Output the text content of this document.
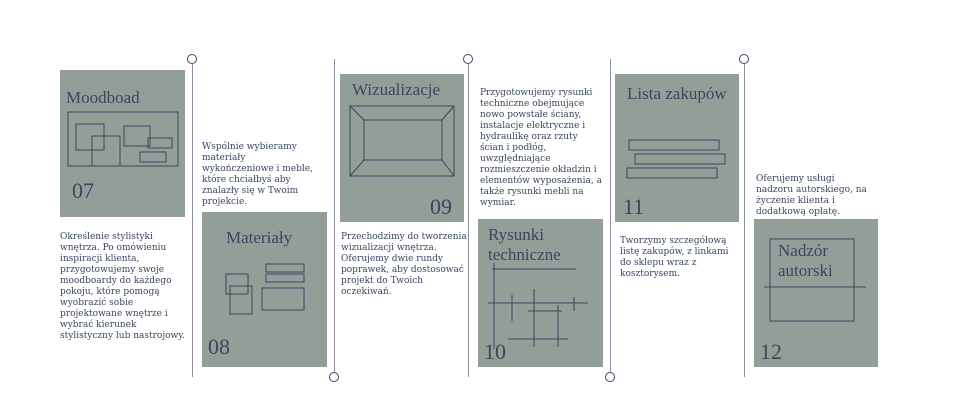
Moodboad
07
Określenie stylistyki wnętrza. Po omówieniu inspiracji klienta, przygotowujemy swoje moodboardy do każdego pokoju, które pomogą wyobrazić sobie projektowane wnętrze i wybrać kierunek stylistyczny lub nastrojowy.
Materiały
08
Wspólnie wybieramy materiały wykończeniowe i meble, które chciałbyś aby znalazły się w Twoim projekcie.
Wizualizacje
09
Przechodzimy do tworzenia wizualizacji wnętrza. Oferujemy dwie rundy poprawek, aby dostosować projekt do Twoich oczekiwań.
Rysunki techniczne
10
Przygotowujemy rysunki techniczne obejmujące nowo powstałe ściany, instalacje elektryczne i hydraulikę oraz rzuty ścian i podłóg, uwzględniające rozmieszczenie okładzin i elementów wyposażenia, a także rysunki mebli na wymiar.
Lista zakupów
11
Tworzymy szczegółową listę zakupów, z linkami do sklepu wraz z kosztorysem.
Nadzór autorski
12
Oferujemy usługi nadzoru autorskiego, na życzenie klienta i dodatkową opłatę.
